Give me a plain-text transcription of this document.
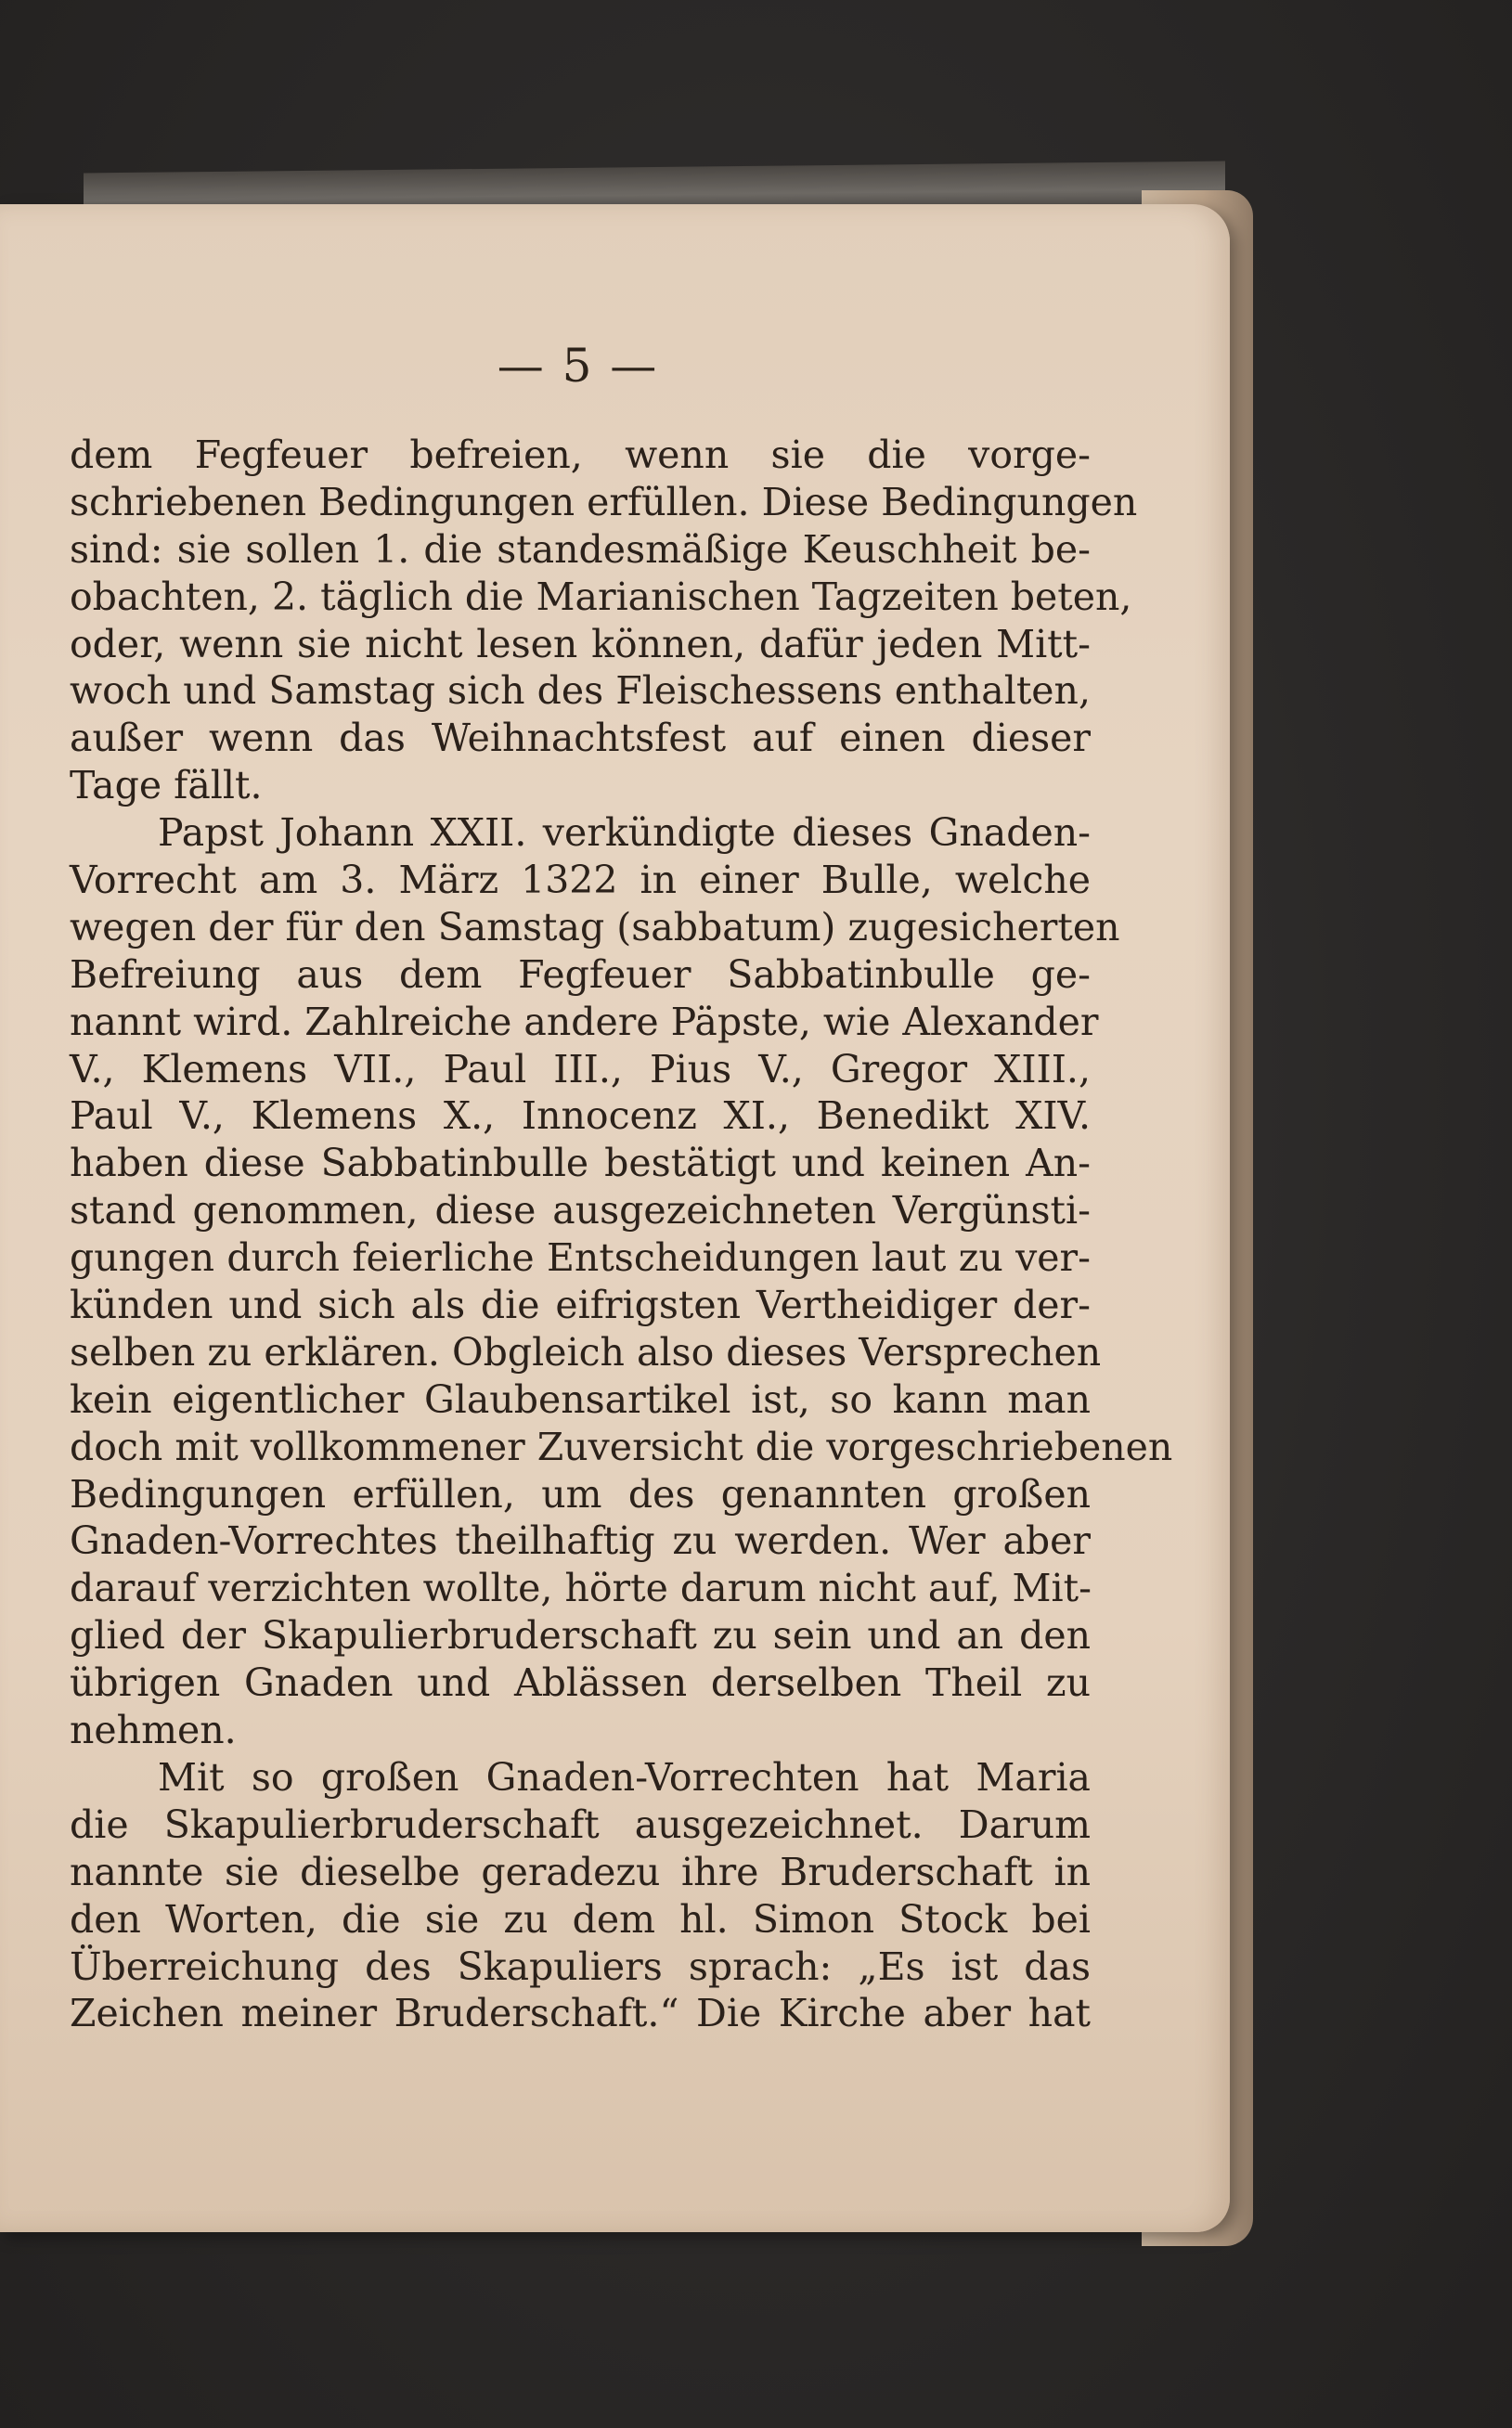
— 5 —
dem Fegfeuer befreien, wenn sie die vorge-
schriebenen Bedingungen erfüllen. Diese Bedingungen
sind: sie sollen 1. die standesmäßige Keuschheit be-
obachten, 2. täglich die Marianischen Tagzeiten beten,
oder, wenn sie nicht lesen können, dafür jeden Mitt-
woch und Samstag sich des Fleischessens enthalten,
außer wenn das Weihnachtsfest auf einen dieser
Tage fällt.
Papst Johann XXII. verkündigte dieses Gnaden-
Vorrecht am 3. März 1322 in einer Bulle, welche
wegen der für den Samstag (sabbatum) zugesicherten
Befreiung aus dem Fegfeuer Sabbatinbulle ge-
nannt wird. Zahlreiche andere Päpste, wie Alexander
V., Klemens VII., Paul III., Pius V., Gregor XIII.,
Paul V., Klemens X., Innocenz XI., Benedikt XIV.
haben diese Sabbatinbulle bestätigt und keinen An-
stand genommen, diese ausgezeichneten Vergünsti-
gungen durch feierliche Entscheidungen laut zu ver-
künden und sich als die eifrigsten Vertheidiger der-
selben zu erklären. Obgleich also dieses Versprechen
kein eigentlicher Glaubensartikel ist, so kann man
doch mit vollkommener Zuversicht die vorgeschriebenen
Bedingungen erfüllen, um des genannten großen
Gnaden-Vorrechtes theilhaftig zu werden. Wer aber
darauf verzichten wollte, hörte darum nicht auf, Mit-
glied der Skapulierbruderschaft zu sein und an den
übrigen Gnaden und Ablässen derselben Theil zu
nehmen.
Mit so großen Gnaden-Vorrechten hat Maria
die Skapulierbruderschaft ausgezeichnet. Darum
nannte sie dieselbe geradezu ihre Bruderschaft in
den Worten, die sie zu dem hl. Simon Stock bei
Überreichung des Skapuliers sprach: „Es ist das
Zeichen meiner Bruderschaft.“ Die Kirche aber hat
